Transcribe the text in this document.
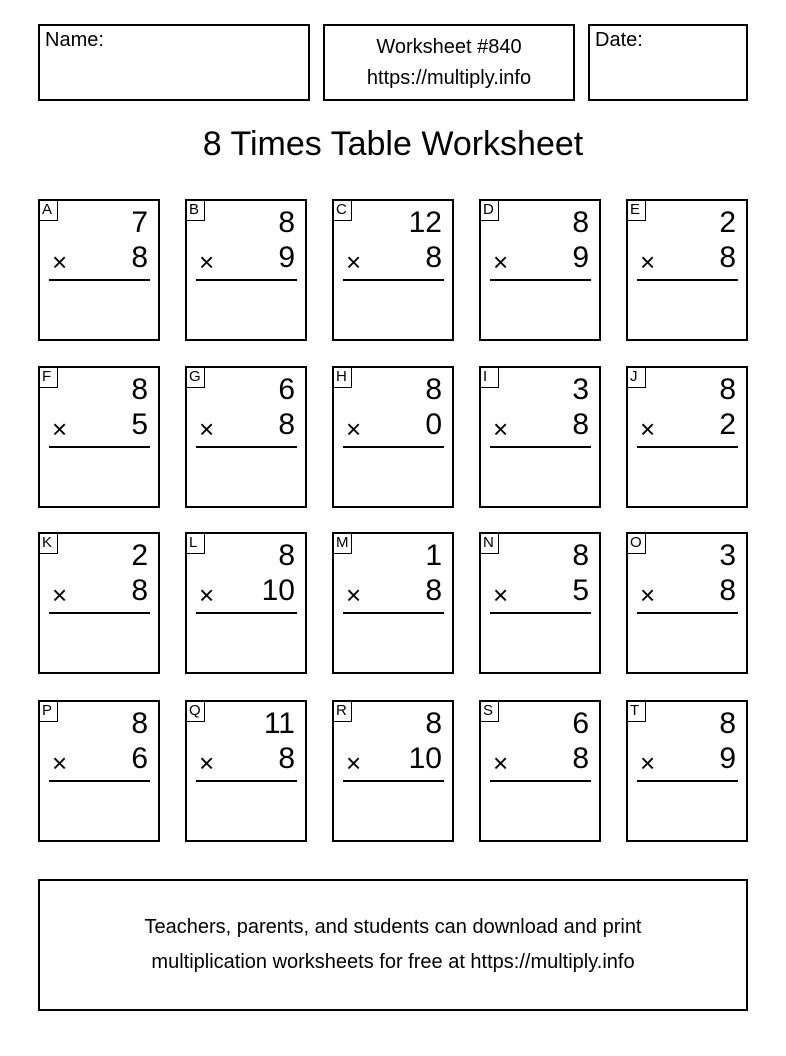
Name:	Worksheet #840
https://multiply.info
Date:
8 Times Table Worksheet
A	7
× 8
B	8
× 9
C 12
× 8
D	8
× 9
E	2
× 8
F	8
× 5
G	6
× 8
H	8
× 0
I	3
× 8
J	8
× 2
K	2
× 8
L	8
× 10
M	1
× 8
N	8
× 5
O	3
× 8
P	8
× 6
Q 11
× 8
R	8
× 10
S	6
× 8
T	8
× 9
Teachers, parents, and students can download and print
multiplication worksheets for free at https://multiply.info
